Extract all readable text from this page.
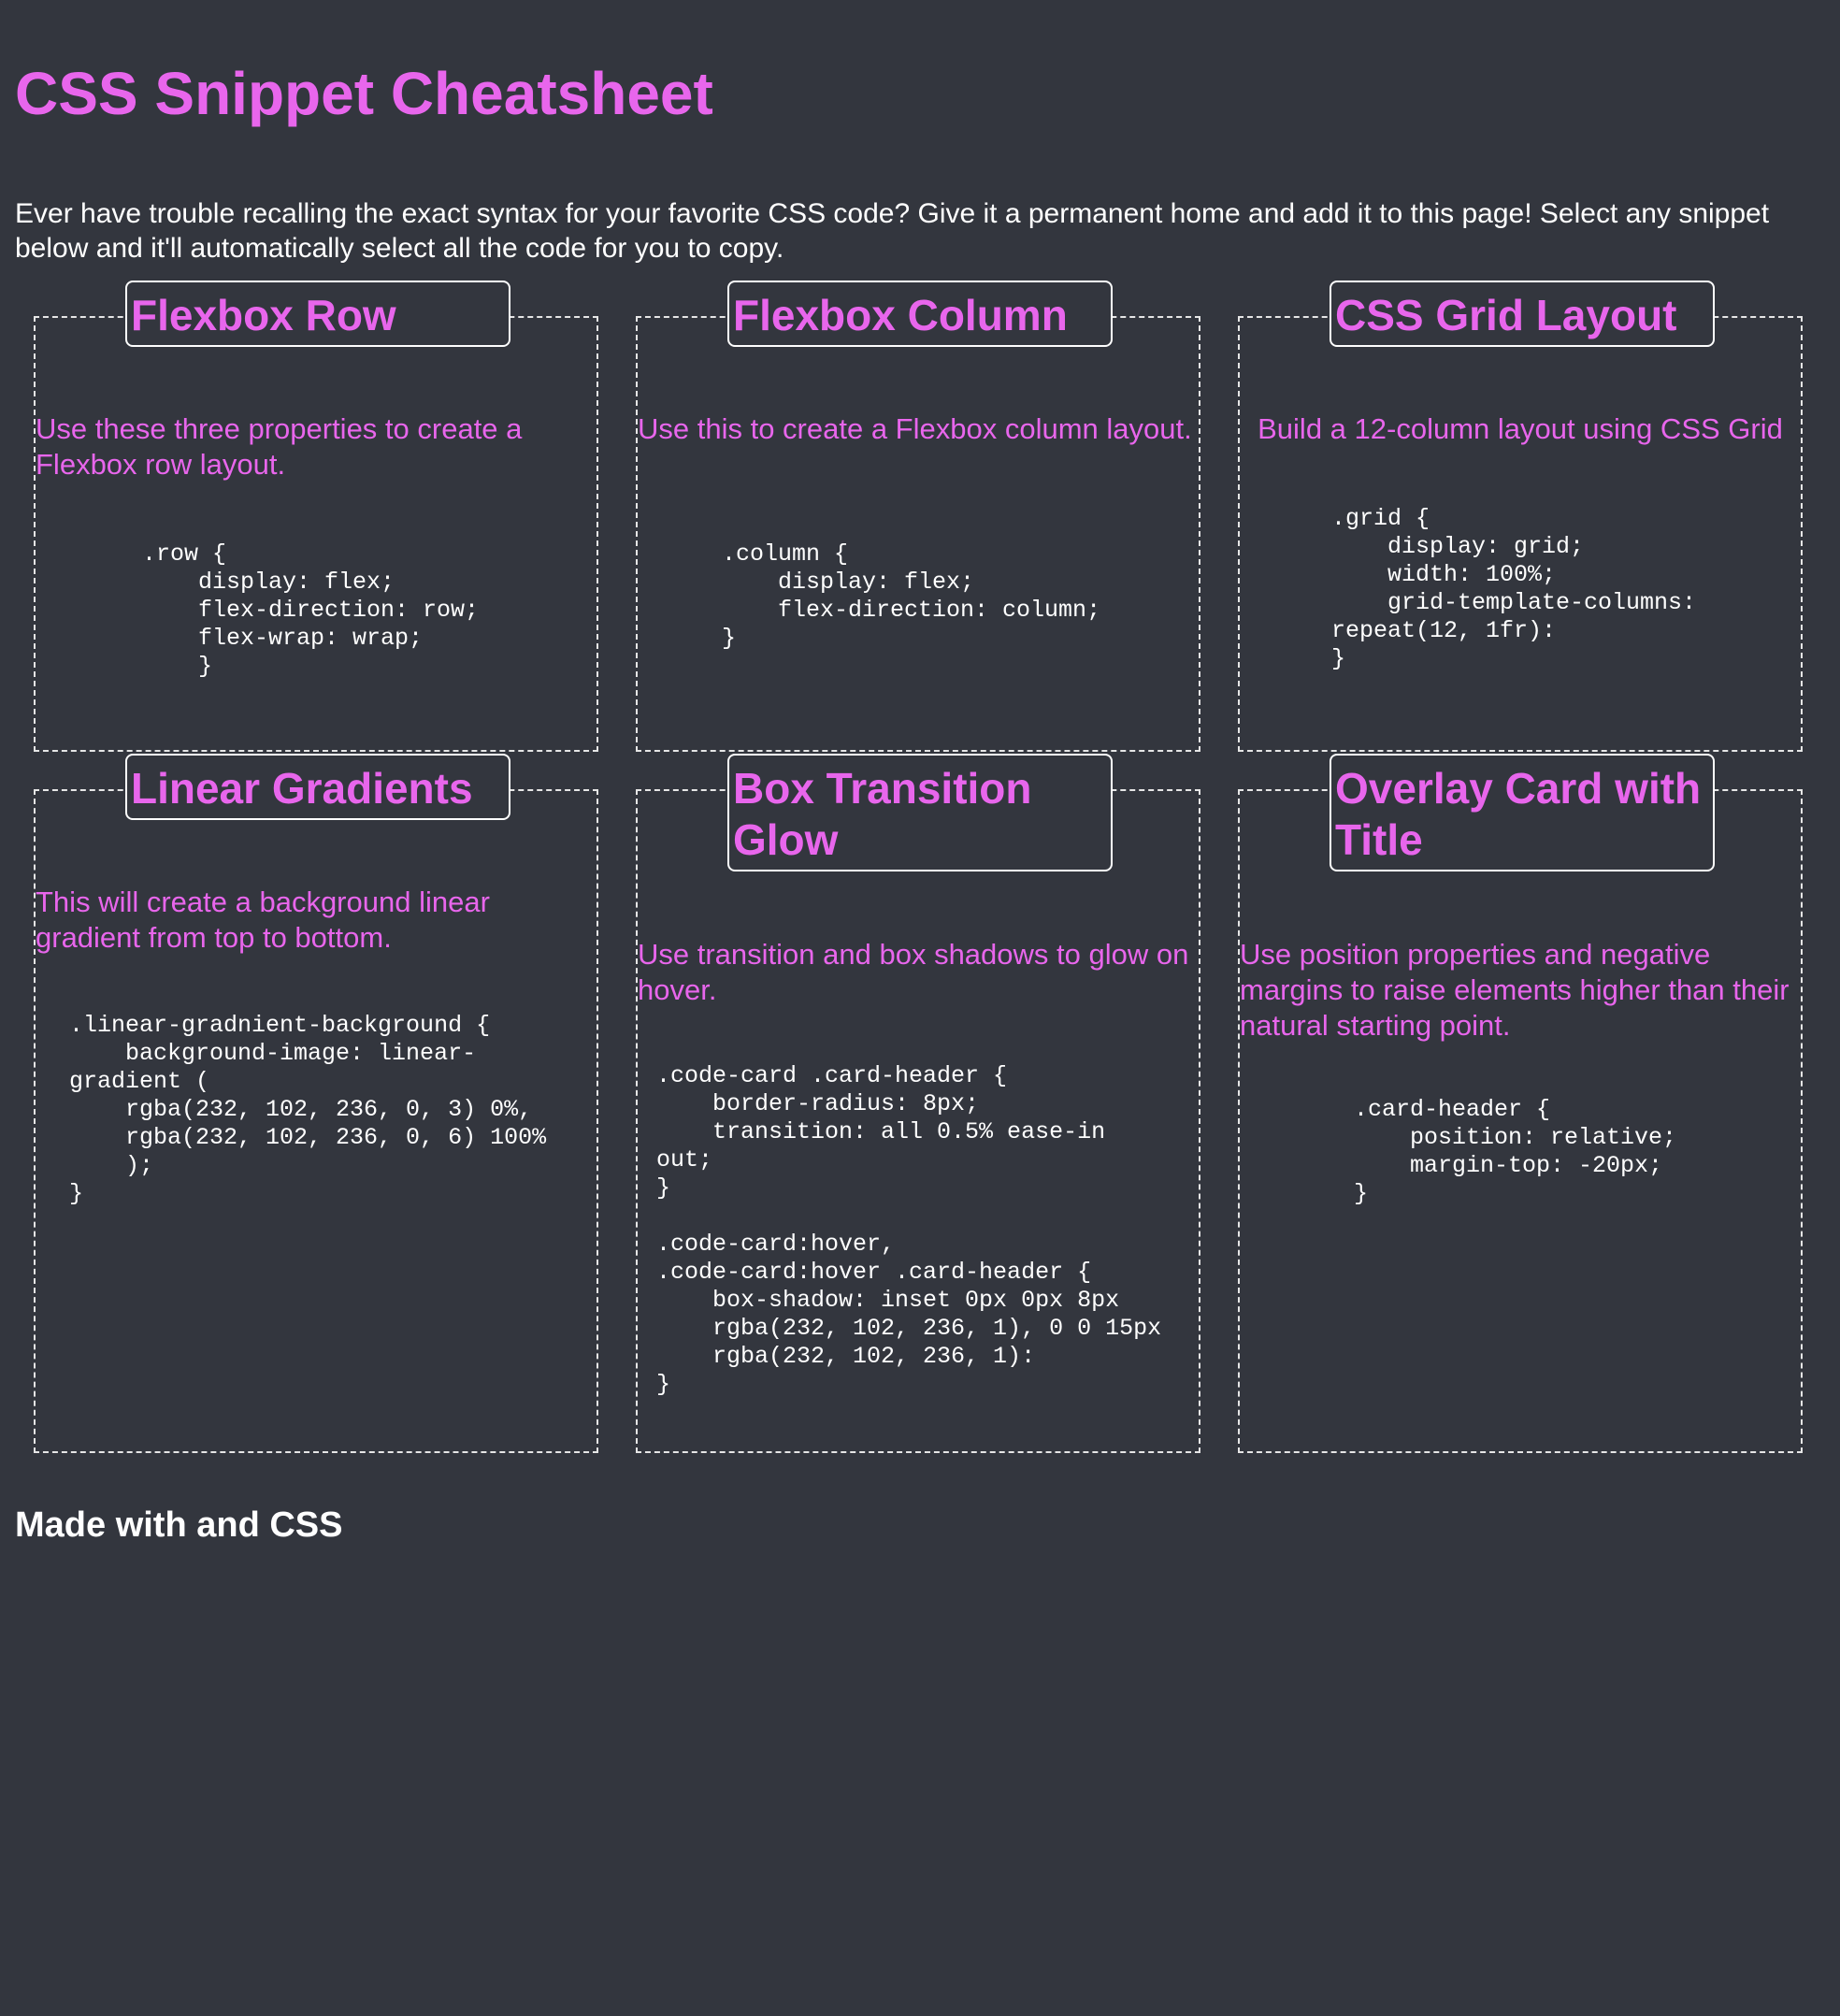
CSS Snippet Cheatsheet

Ever have trouble recalling the exact syntax for your favorite CSS code? Give it a permanent home and add it to this page! Select any snippet below and it'll automatically select all the code for you to copy.

Flexbox Row

Use these three properties to create a Flexbox row layout.

.row {
display: flex;
flex-direction: row;
flex-wrap: wrap;
}
Flexbox Column

Use this to create a Flexbox column layout.

.column {
display: flex;
flex-direction: column;
}
CSS Grid Layout

Build a 12-column layout using CSS Grid

.grid {
display: grid;
width: 100%;
grid-template-columns:
repeat(12, 1fr):
}
Linear Gradients

This will create a background linear gradient from top to bottom.

.linear-gradnient-background {
background-image: linear-
gradient (
rgba(232, 102, 236, 0, 3) 0%,
rgba(232, 102, 236, 0, 6) 100%
);
}
Box Transition Glow

Use transition and box shadows to glow on hover.

.code-card .card-header {
border-radius: 8px;
transition: all 0.5% ease-in
out;
}

.code-card:hover,
.code-card:hover .card-header {
box-shadow: inset 0px 0px 8px
rgba(232, 102, 236, 1), 0 0 15px
rgba(232, 102, 236, 1):
}
Overlay Card with Title

Use position properties and negative margins to raise elements higher than their natural starting point.

.card-header {
position: relative;
margin-top: -20px;
}
Made with and CSS
